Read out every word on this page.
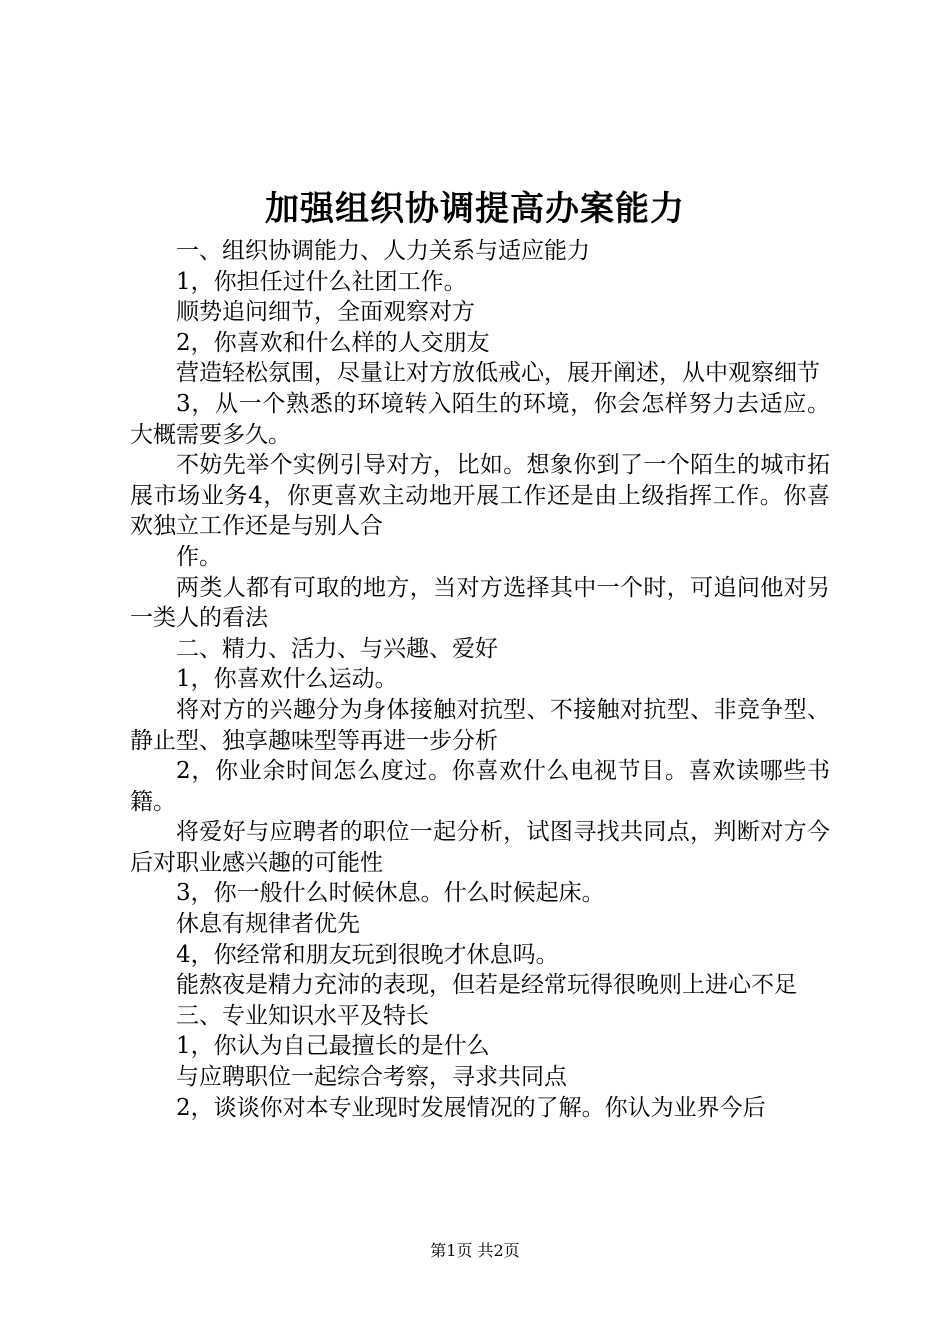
加强组织协调提高办案能力

一、组织协调能力、人力关系与适应能力

1，你担任过什么社团工作。

顺势追问细节，全面观察对方

2，你喜欢和什么样的人交朋友

营造轻松氛围，尽量让对方放低戒心，展开阐述，从中观察细节

3，从一个熟悉的环境转入陌生的环境，你会怎样努力去适应。大概需要多久。

不妨先举个实例引导对方，比如。想象你到了一个陌生的城市拓展市场业务4，你更喜欢主动地开展工作还是由上级指挥工作。你喜欢独立工作还是与别人合

作。

两类人都有可取的地方，当对方选择其中一个时，可追问他对另一类人的看法

二、精力、活力、与兴趣、爱好

1，你喜欢什么运动。

将对方的兴趣分为身体接触对抗型、不接触对抗型、非竞争型、静止型、独享趣味型等再进一步分析

2，你业余时间怎么度过。你喜欢什么电视节目。喜欢读哪些书籍。

将爱好与应聘者的职位一起分析，试图寻找共同点，判断对方今后对职业感兴趣的可能性

3，你一般什么时候休息。什么时候起床。

休息有规律者优先

4，你经常和朋友玩到很晚才休息吗。

能熬夜是精力充沛的表现，但若是经常玩得很晚则上进心不足

三、专业知识水平及特长

1，你认为自己最擅长的是什么

与应聘职位一起综合考察，寻求共同点

2，谈谈你对本专业现时发展情况的了解。你认为业界今后

第1页 共2页
